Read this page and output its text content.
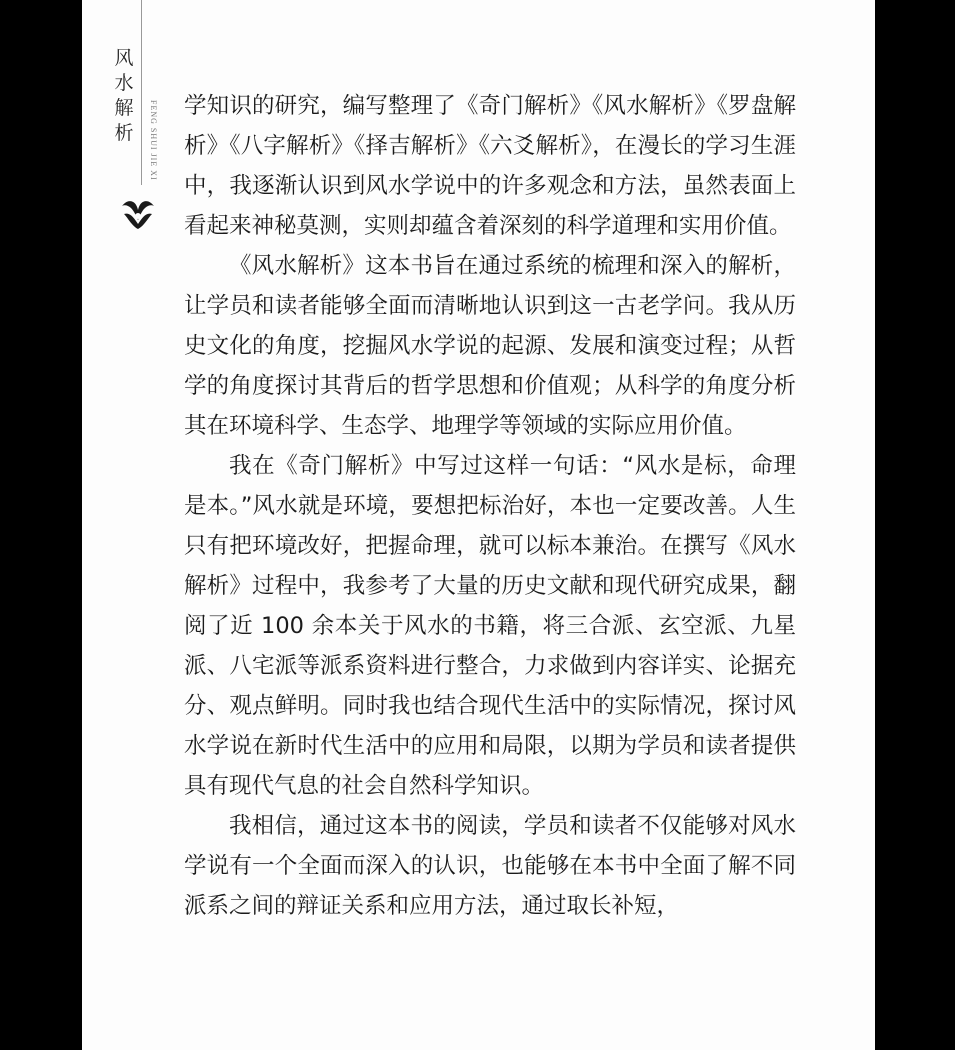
风
水
解
析	FENG SHUI JIE XI 学知识的研究，编写整理了《奇门解析》《风水解析》《罗盘解析》《八字解析》《择吉解析》《六爻解析》，在漫长的学习生涯中，我逐渐认识到风水学说中的许多观念和方法，虽然表面上看起来神秘莫测，实则却蕴含着深刻的科学道理和实用价值。

《风水解析》这本书旨在通过系统的梳理和深入的解析，让学员和读者能够全面而清晰地认识到这一古老学问。我从历史文化的角度，挖掘风水学说的起源、发展和演变过程；从哲学的角度探讨其背后的哲学思想和价值观；从科学的角度分析其在环境科学、生态学、地理学等领域的实际应用价值。

我在《奇门解析》中写过这样一句话：“风水是标，命理是本。”风水就是环境，要想把标治好，本也一定要改善。人生只有把环境改好，把握命理，就可以标本兼治。在撰写《风水解析》过程中，我参考了大量的历史文献和现代研究成果，翻阅了近 100 余本关于风水的书籍，将三合派、玄空派、九星派、八宅派等派系资料进行整合，力求做到内容详实、论据充分、观点鲜明。同时我也结合现代生活中的实际情况，探讨风水学说在新时代生活中的应用和局限，以期为学员和读者提供具有现代气息的社会自然科学知识。

我相信，通过这本书的阅读，学员和读者不仅能够对风水学说有一个全面而深入的认识，也能够在本书中全面了解不同派系之间的辩证关系和应用方法，通过取长补短，
